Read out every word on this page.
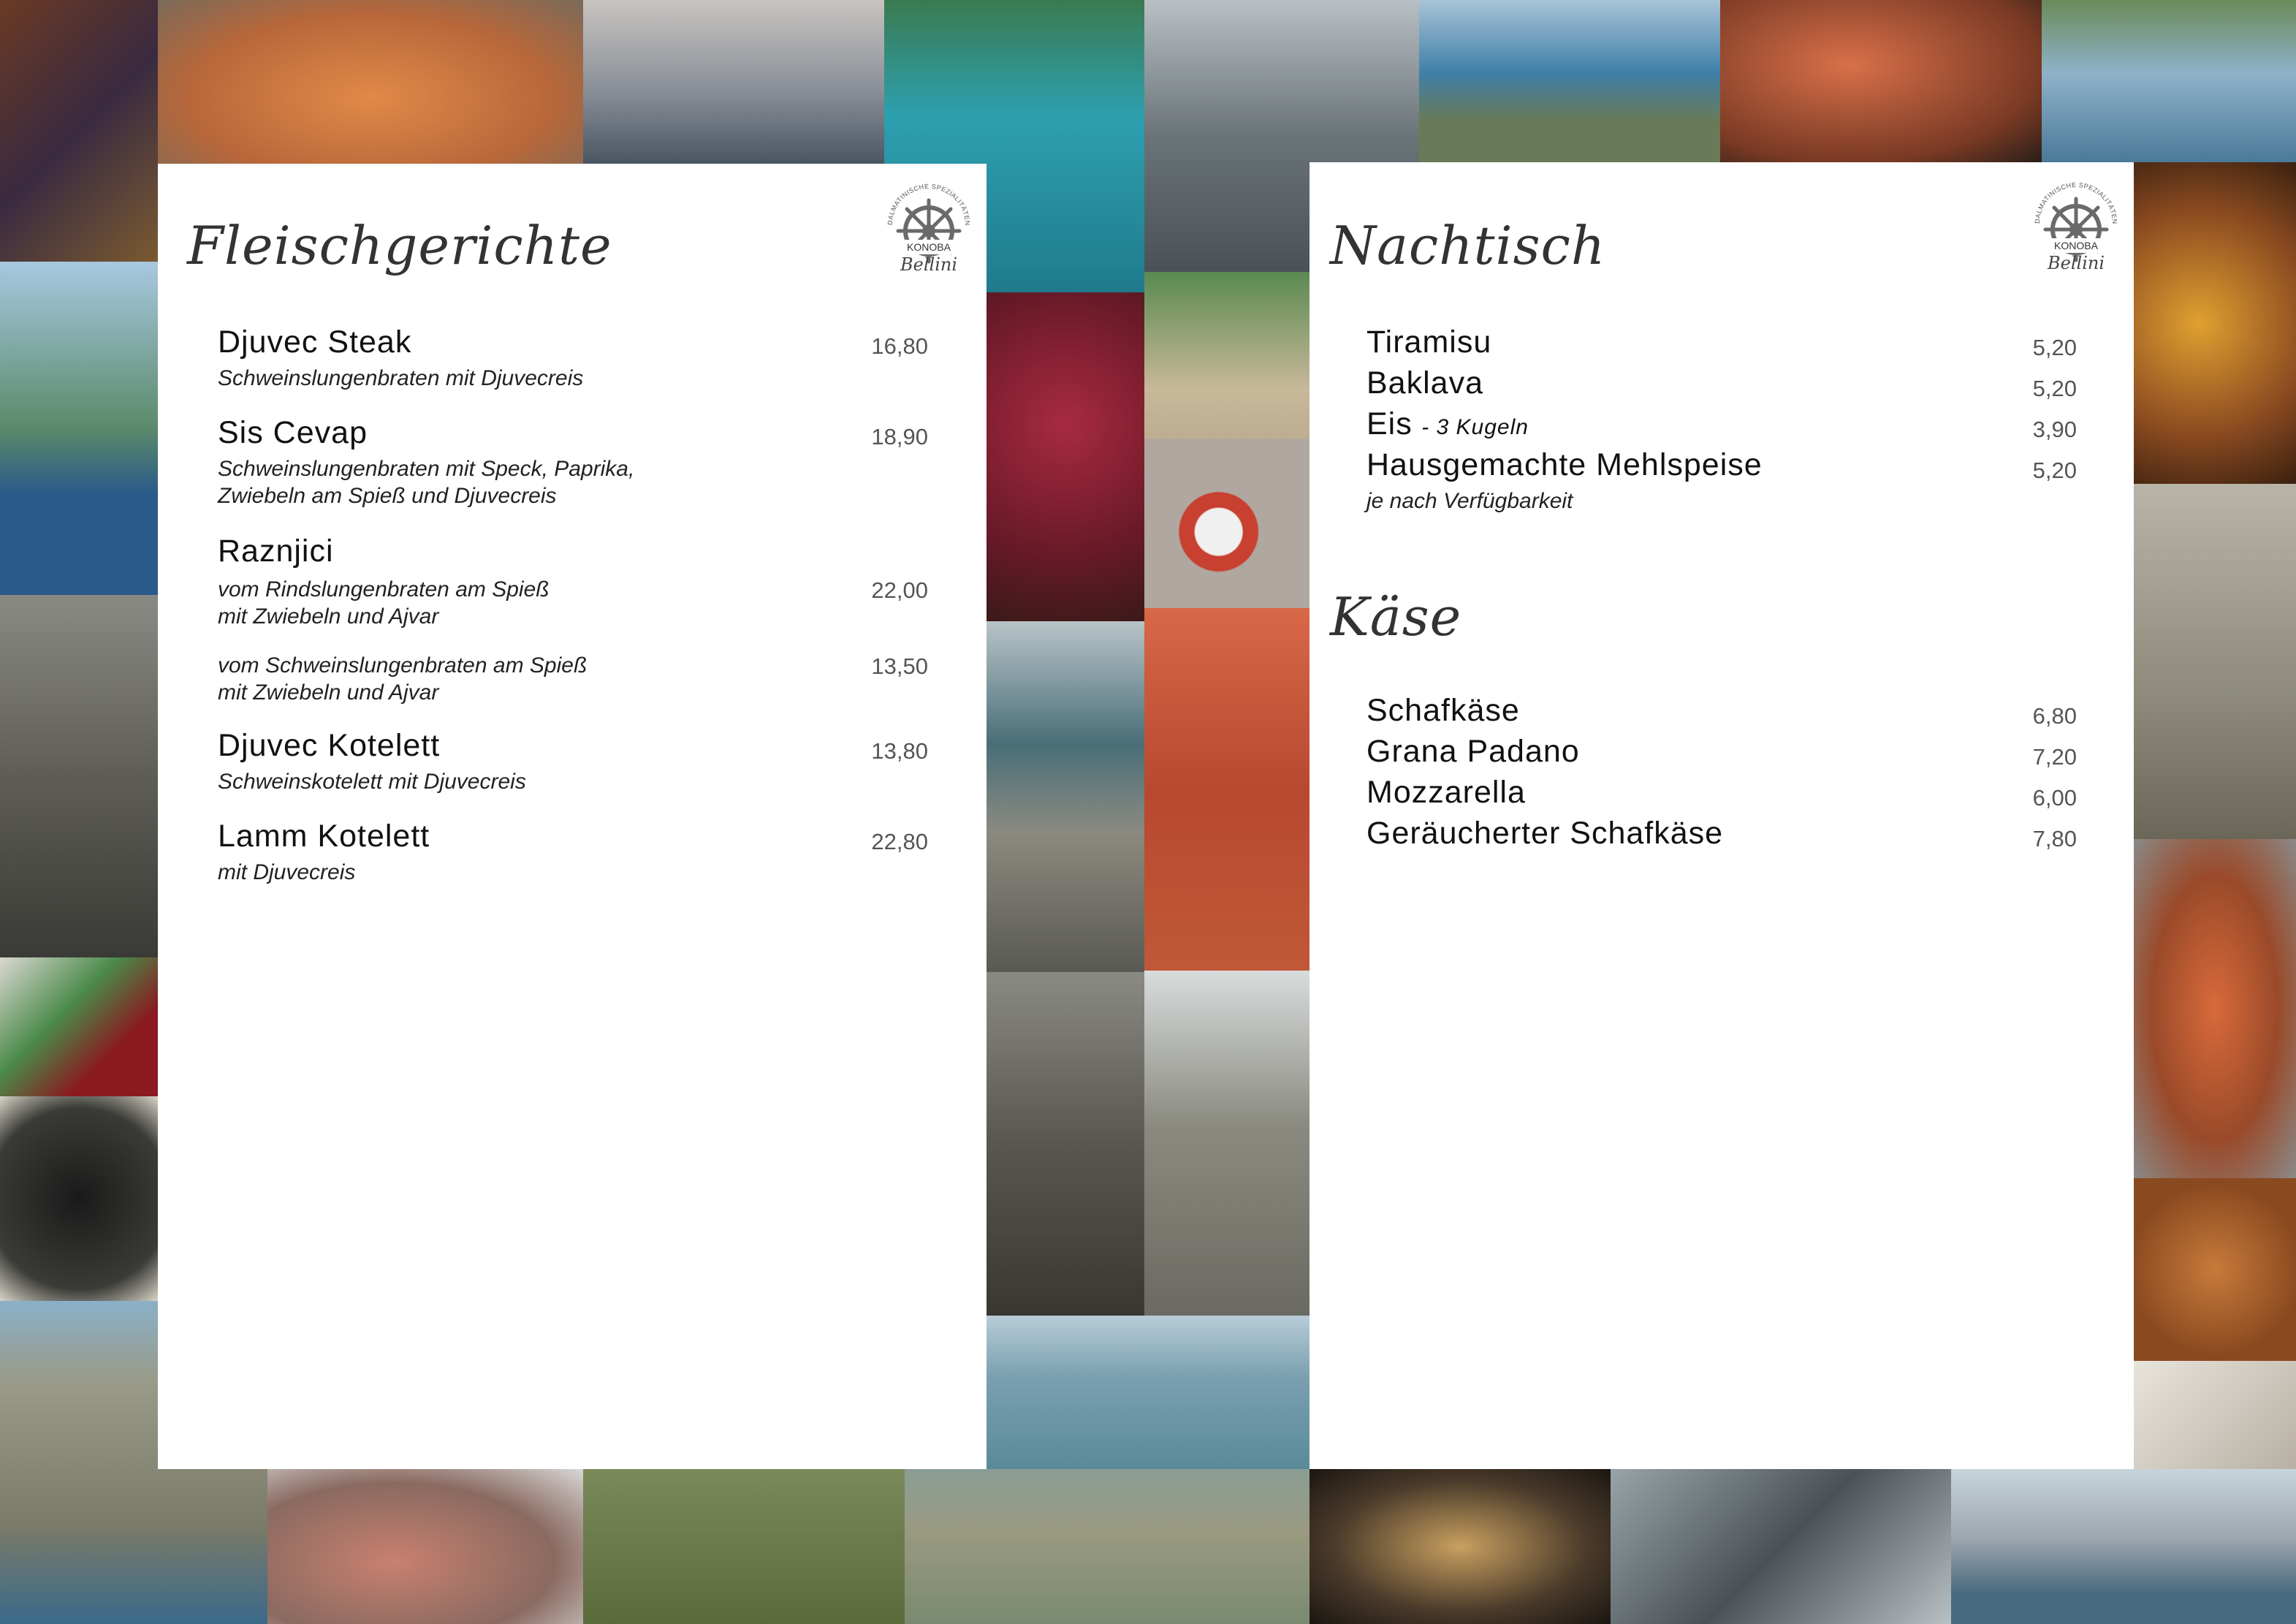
Fleischgerichte	DALMATINISCHE SPEZIALITÄTEN
KONOBA
Bellini
Djuvec Steak
Schweinslungenbraten mit Djuvecreis
16,80
Sis Cevap
Schweinslungenbraten mit Speck, Paprika,
Zwiebeln am Spieß und Djuvecreis
18,90
Raznjici
vom Rindslungenbraten am Spieß
mit Zwiebeln und Ajvar
22,00
vom Schweinslungenbraten am Spieß
mit Zwiebeln und Ajvar
13,50
Djuvec Kotelett
Schweinskotelett mit Djuvecreis
13,80
Lamm Kotelett
mit Djuvecreis
22,80
Nachtisch	DALMATINISCHE SPEZIALITÄTEN
KONOBA
Bellini
Tiramisu	5,20
Baklava	5,20
Eis - 3 Kugeln	3,90
Hausgemachte Mehlspeise
je nach Verfügbarkeit
5,20
Käse
Schafkäse	6,80
Grana Padano	7,20
Mozzarella	6,00
Geräucherter Schafkäse	7,80
